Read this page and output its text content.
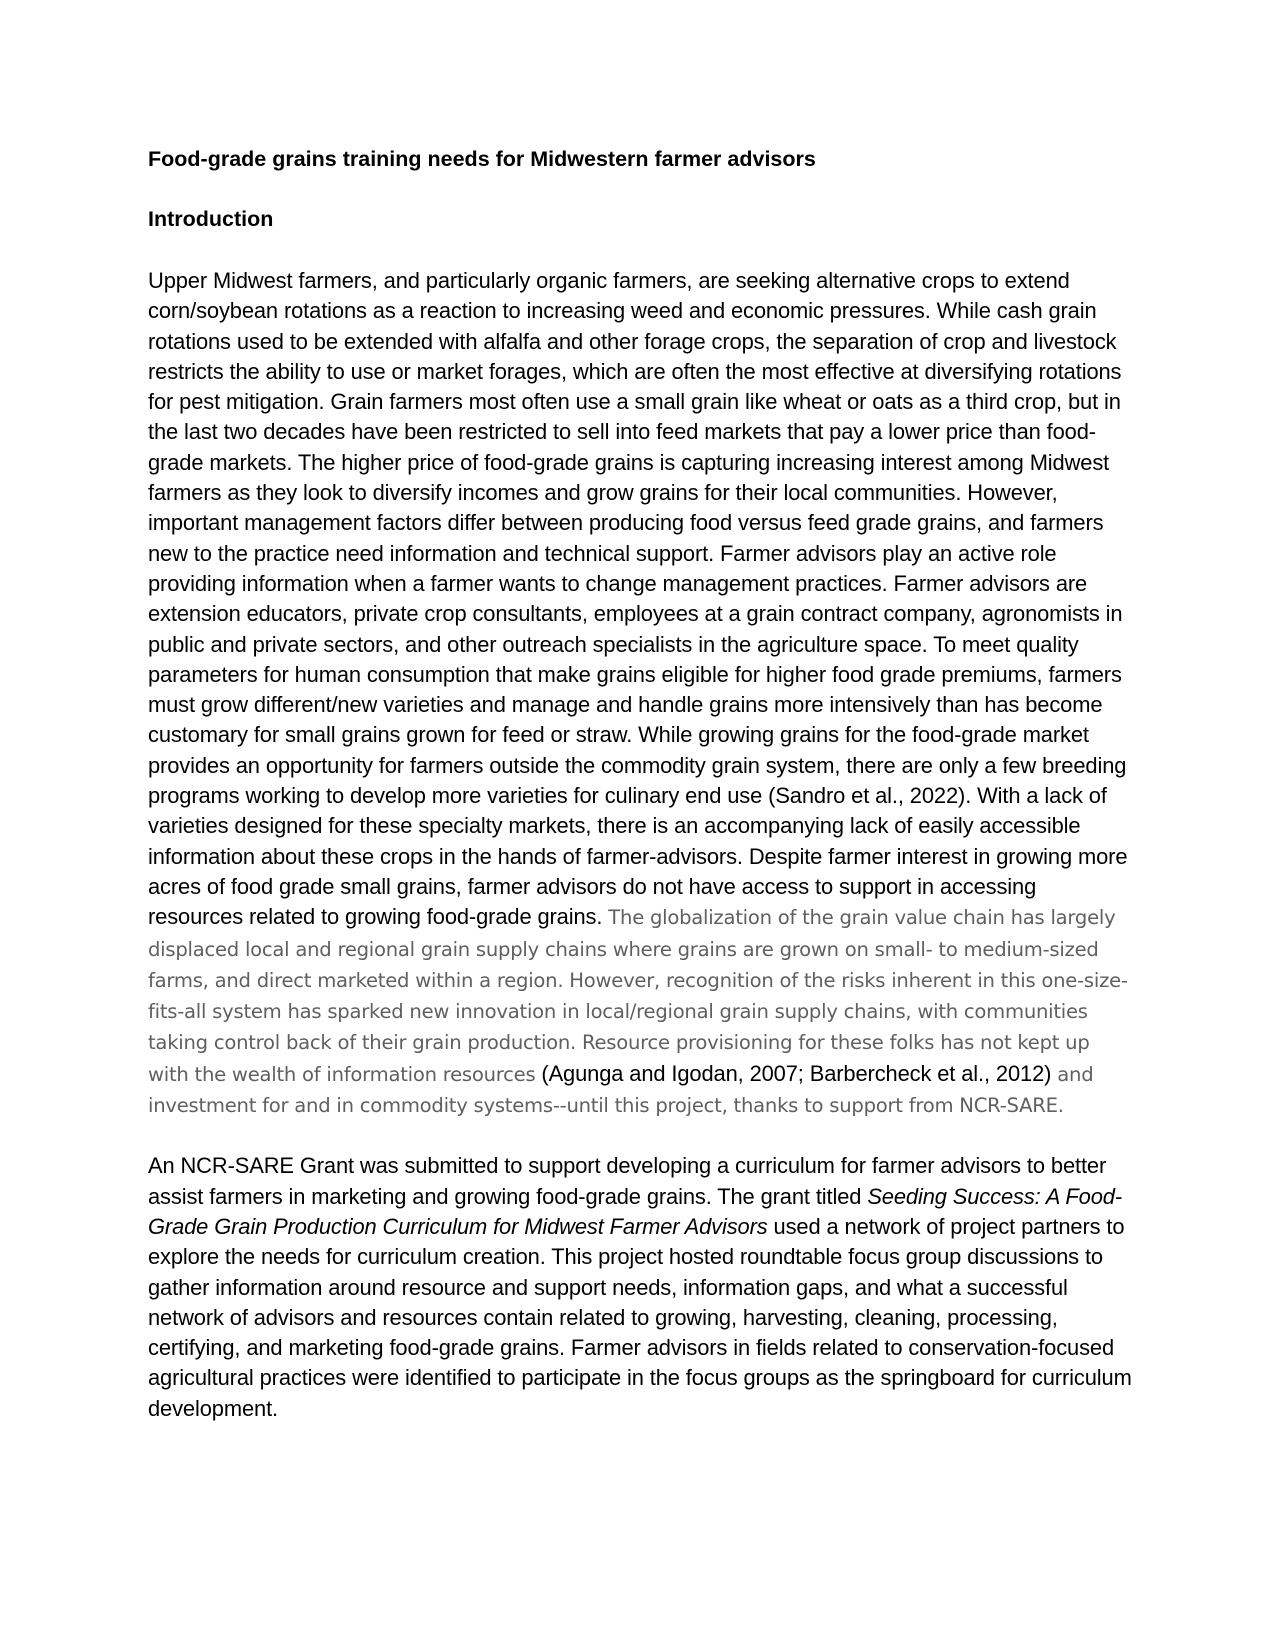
Food-grade grains training needs for Midwestern farmer advisors
Introduction

Upper Midwest farmers, and particularly organic farmers, are seeking alternative crops to extend corn/soybean rotations as a reaction to increasing weed and economic pressures. While cash grain rotations used to be extended with alfalfa and other forage crops, the separation of crop and livestock restricts the ability to use or market forages, which are often the most effective at diversifying rotations for pest mitigation. Grain farmers most often use a small grain like wheat or oats as a third crop, but in the last two decades have been restricted to sell into feed markets that pay a lower price than food-grade markets. The higher price of food-grade grains is capturing increasing interest among Midwest farmers as they look to diversify incomes and grow grains for their local communities. However, important management factors differ between producing food versus feed grade grains, and farmers new to the practice need information and technical support. Farmer advisors play an active role providing information when a farmer wants to change management practices. Farmer advisors are extension educators, private crop consultants, employees at a grain contract company, agronomists in public and private sectors, and other outreach specialists in the agriculture space. To meet quality parameters for human consumption that make grains eligible for higher food grade premiums, farmers must grow different/new varieties and manage and handle grains more intensively than has become customary for small grains grown for feed or straw. While growing grains for the food-grade market provides an opportunity for farmers outside the commodity grain system, there are only a few breeding programs working to develop more varieties for culinary end use (Sandro et al., 2022). With a lack of varieties designed for these specialty markets, there is an accompanying lack of easily accessible information about these crops in the hands of farmer-advisors. Despite farmer interest in growing more acres of food grade small grains, farmer advisors do not have access to support in accessing resources related to growing food-grade grains. The globalization of the grain value chain has largely displaced local and regional grain supply chains where grains are grown on small- to medium-sized farms, and direct marketed within a region. However, recognition of the risks inherent in this one-size-fits-all system has sparked new innovation in local/regional grain supply chains, with communities taking control back of their grain production. Resource provisioning for these folks has not kept up with the wealth of information resources (Agunga and Igodan, 2007; Barbercheck et al., 2012) and investment for and in commodity systems--until this project, thanks to support from NCR-SARE.

An NCR-SARE Grant was submitted to support developing a curriculum for farmer advisors to better assist farmers in marketing and growing food-grade grains. The grant titled Seeding Success: A Food-Grade Grain Production Curriculum for Midwest Farmer Advisors used a network of project partners to explore the needs for curriculum creation. This project hosted roundtable focus group discussions to gather information around resource and support needs, information gaps, and what a successful network of advisors and resources contain related to growing, harvesting, cleaning, processing, certifying, and marketing food-grade grains. Farmer advisors in fields related to conservation-focused agricultural practices were identified to participate in the focus groups as the springboard for curriculum development.
